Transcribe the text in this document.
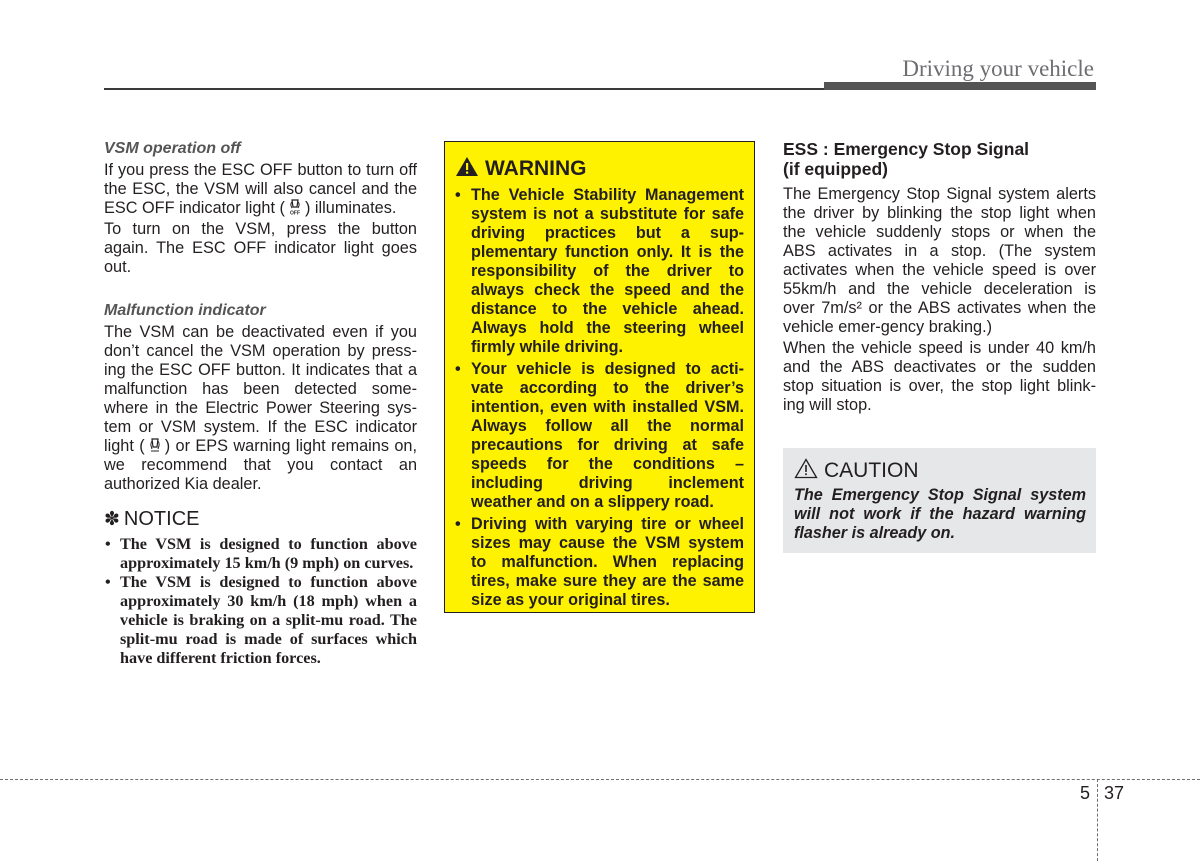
Driving your vehicle

VSM operation off

If you press the ESC OFF button to turn off the ESC, the VSM will also cancel and the ESC OFF indicator light ( OFF ) illuminates.

To turn on the VSM, press the button again. The ESC OFF indicator light goes out.

Malfunction indicator

The VSM can be deactivated even if you don’t cancel the VSM operation by press-ing the ESC OFF button. It indicates that a malfunction has been detected some-where in the Electric Power Steering sys-tem or VSM system. If the ESC indicator light ( ) or EPS warning light remains on, we recommend that you contact an authorized Kia dealer.

✽ NOTICE
• The VSM is designed to function above approximately 15 km/h (9 mph) on curves.
• The VSM is designed to function above approximately 30 km/h (18 mph) when a vehicle is braking on a split-mu road. The split-mu road is made of surfaces which have different friction forces.
WARNING
• The Vehicle Stability Management system is not a substitute for safe driving practices but a sup-plementary function only. It is the responsibility of the driver to always check the speed and the distance to the vehicle ahead. Always hold the steering wheel firmly while driving.
• Your vehicle is designed to acti-vate according to the driver’s intention, even with installed VSM. Always follow all the normal precautions for driving at safe speeds for the conditions – including driving inclement weather and on a slippery road.
• Driving with varying tire or wheel sizes may cause the VSM system to malfunction. When replacing tires, make sure they are the same size as your original tires.

ESS : Emergency Stop Signal
(if equipped)

The Emergency Stop Signal system alerts the driver by blinking the stop light when the vehicle suddenly stops or when the ABS activates in a stop. (The system activates when the vehicle speed is over 55km/h and the vehicle deceleration is over 7m/s² or the ABS activates when the vehicle emer-gency braking.)

When the vehicle speed is under 40 km/h and the ABS deactivates or the sudden stop situation is over, the stop light blink-ing will stop.

CAUTION

The Emergency Stop Signal system will not work if the hazard warning flasher is already on.

5 37
